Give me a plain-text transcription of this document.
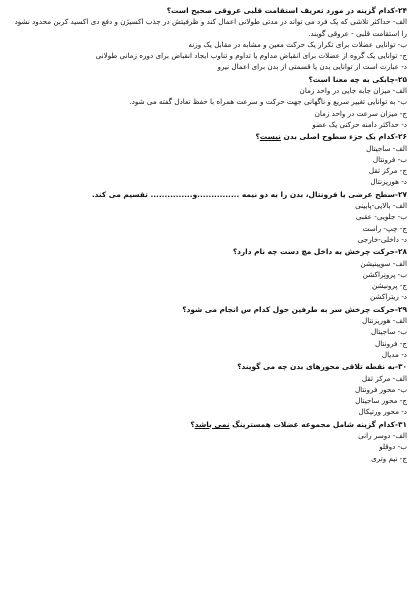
۲۴-کدام گزینه در مورد تعریف استقامت قلبی عروقی صحیح است؟
الف- حداکثر تلاشی که یک فرد می تواند در مدتی طولانی اعمال کند و ظرفیتش در جذب اکسیژن و دفع دی اکسید کربن محدود نشود را استقامت قلبی - عروقی گویند.
ب- توانایی عضلات برای تکرار یک حرکت معین و مشابه در مقابل یک وزنه
ج- توانایی یک گروه از عضلات برای انقباض مداوم یا تداوم و تناوب ایجاد انقباض برای دوره زمانی طولانی
د- عبارت است از توانایی بدن یا قسمتی از بدن برای اعمال نیرو
۲۵-چابکی به چه معنا است؟
الف- میزان جابه جایی در واحد زمان
ب- به توانایی تغییر سریع و ناگهانی جهت حرکت و سرعت همراه با حفظ تعادل گفته می شود.
ج- میزان سرعت در واحد زمان
د- حداکثر دامنه حرکتی یک عضو
۲۶-کدام یک جزء سطوح اصلی بدن نیست؟
الف- ساجیتال
ب- فرونتال
ج- مرکز ثقل
د- هوریزنتال
۲۷-سطح عرضی یا فرونتال، بدن را به دو نیمه ...............و............... تقسیم می کند.
الف- بالایی-پایینی
ب- جلویی- عقبی
ج- چپ- راست
د- داخلی-خارجی
۲۸-حرکت چرخش به داخل مچ دست چه نام دارد؟
الف- سوپینیشن
ب- پرونِراکشن
ج- پرونیشن
د- ریتراکشن
۲۹-حرکت چرخش سر به طرفین حول کدام س انجام می شود؟
الف- هوریزنتال
ب- ساجیتال
ج- فرونتال
د- مدیال
۳۰-به نقطه تلاقی محورهای بدن چه می گویند؟
الف- مرکز ثقل
ب- محور فرونتال
ج- محور ساجیتال
د- محور ورتیکال
۳۱-کدام گزینه شامل مجموعه عضلات همسترینگ نمی باشد؟
الف- دوسر رانی
ب- دوقلو
ج- نیم وتری
